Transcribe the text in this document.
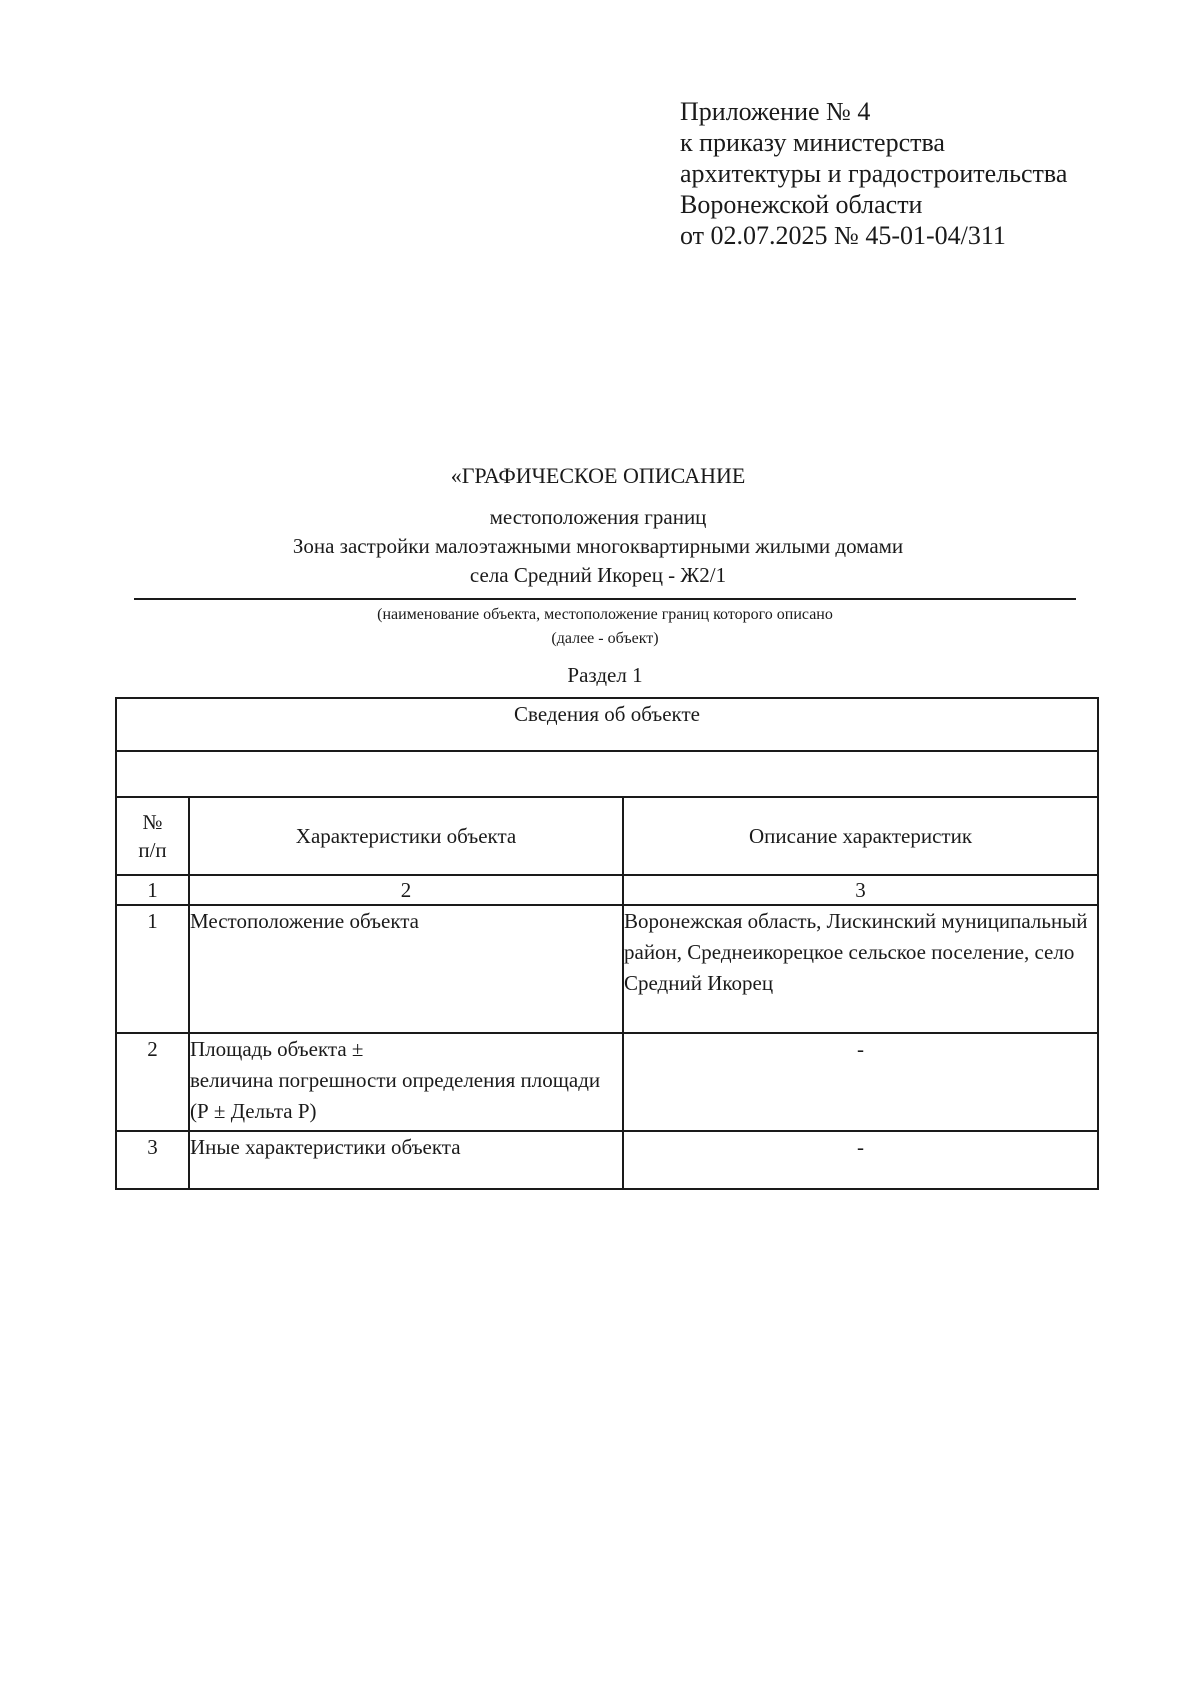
Приложение № 4
к приказу министерства
архитектуры и градостроительства
Воронежской области
от 02.07.2025 № 45-01-04/311
«ГРАФИЧЕСКОЕ ОПИСАНИЕ
местоположения границ
Зона застройки малоэтажными многоквартирными жилыми домами
села Средний Икорец - Ж2/1
(наименование объекта, местоположение границ которого описано
(далее - объект)
Раздел 1
Сведения об объекте		

№
п/п	Характеристики объекта	Описание характеристик
1	2	3
1	Местоположение объекта	Воронежская область, Лискинский муниципальный район, Среднеикорецкое сельское поселение, село Средний Икорец
2	Площадь объекта ±
величина погрешности определения площади (Р ± Дельта Р)	-
3	Иные характеристики объекта	-
